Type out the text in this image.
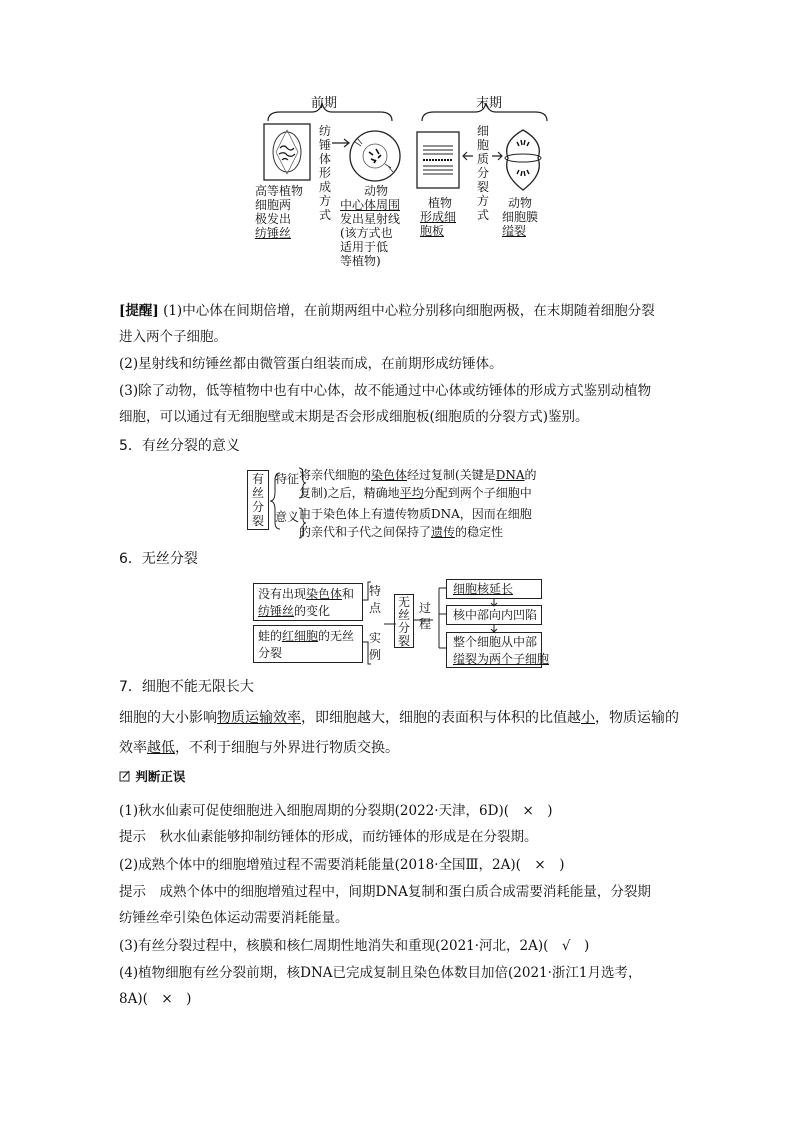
前期	末期
高等植物
细胞两
极发出
纺锤丝
纺锤体形成方式
动物
中心体周围
发出星射线
(该方式也
适用于低
等植物)
植物
形成细
胞板
细胞质分裂方式
动物
细胞膜
缢裂
[提醒] (1)中心体在间期倍增，在前期两组中心粒分别移向细胞两极，在末期随着细胞分裂
进入两个子细胞。
(2)星射线和纺锤丝都由微管蛋白组装而成，在前期形成纺锤体。
(3)除了动物，低等植物中也有中心体，故不能通过中心体或纺锤体的形成方式鉴别动植物
细胞，可以通过有无细胞壁或末期是否会形成细胞板(细胞质的分裂方式)鉴别。
5．有丝分裂的意义
有丝分裂
特征
意义
将亲代细胞的染色体经过复制(关键是DNA的
复制)之后，精确地平均分配到两个子细胞中
由于染色体上有遗传物质DNA，因而在细胞
的亲代和子代之间保持了遗传的稳定性
6．无丝分裂
没有出现染色体和
纺锤丝的变化
蛙的红细胞的无丝
分裂
特点
实例
无丝分裂
过程
细胞核延长
核中部向内凹陷
整个细胞从中部
缢裂为两个子细胞
7．细胞不能无限长大
细胞的大小影响物质运输效率，即细胞越大，细胞的表面积与体积的比值越小，物质运输的
效率越低，不利于细胞与外界进行物质交换。
判断正误
(1)秋水仙素可促使细胞进入细胞周期的分裂期(2022·天津，6D)(　×　)
提示　秋水仙素能够抑制纺锤体的形成，而纺锤体的形成是在分裂期。
(2)成熟个体中的细胞增殖过程不需要消耗能量(2018·全国Ⅲ，2A)(　×　)
提示　成熟个体中的细胞增殖过程中，间期DNA复制和蛋白质合成需要消耗能量，分裂期
纺锤丝牵引染色体运动需要消耗能量。
(3)有丝分裂过程中，核膜和核仁周期性地消失和重现(2021·河北，2A)(　√　)
(4)植物细胞有丝分裂前期，核DNA已完成复制且染色体数目加倍(2021·浙江1月选考，
8A)(　×　)
